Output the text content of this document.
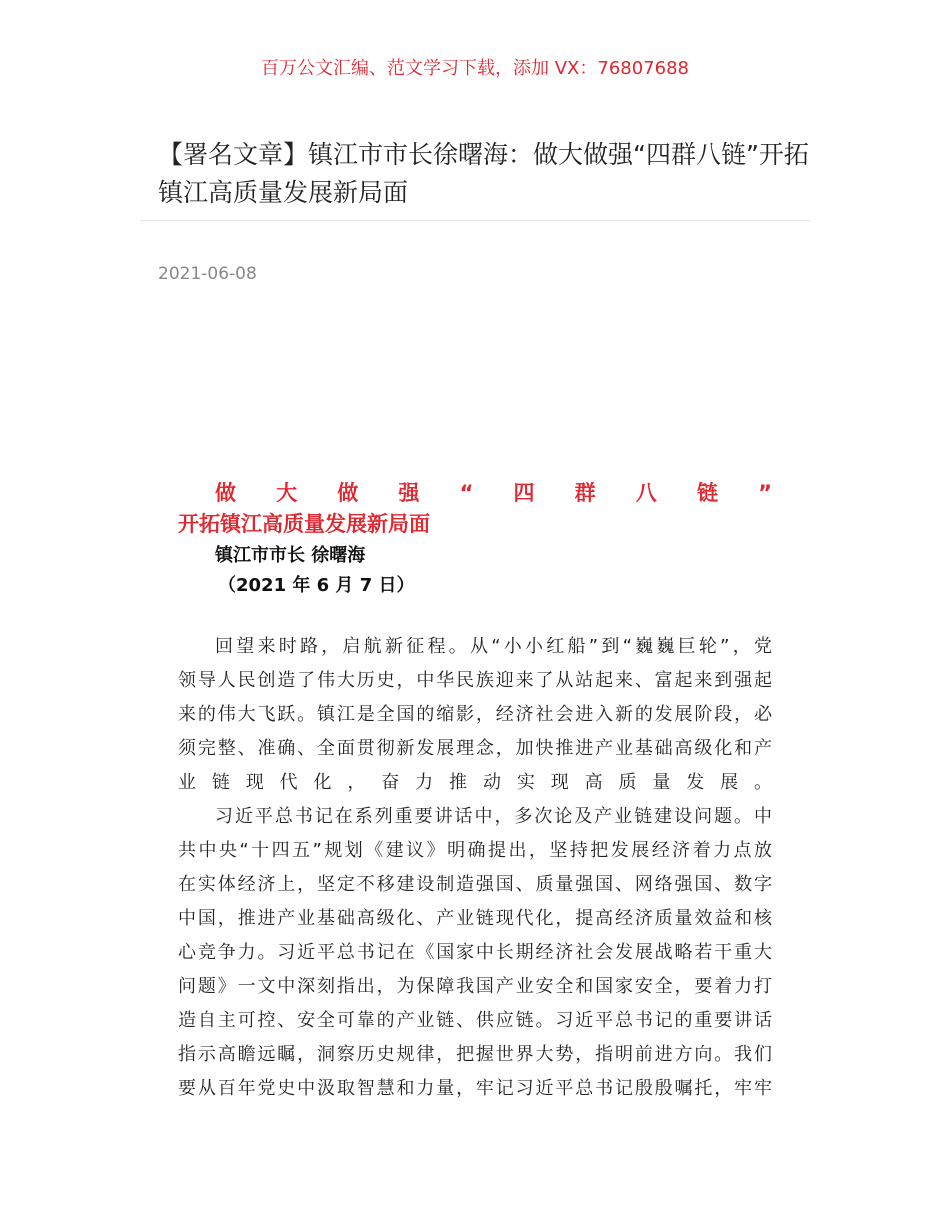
百万公文汇编、范文学习下载，添加 VX：76807688
【署名文章】镇江市市长徐曙海：做大做强“四群八链”开拓镇江高质量发展新局面
2021-06-08
做 大 做 强 “ 四 群 八 链 ”
开拓镇江高质量发展新局面
镇江市市长 徐曙海
（2021 年 6 月 7 日）
回望来时路，启航新征程。从“小小红船”到“巍巍巨轮”，党
领导人民创造了伟大历史，中华民族迎来了从站起来、富起来到强起
来的伟大飞跃。镇江是全国的缩影，经济社会进入新的发展阶段，必
须完整、准确、全面贯彻新发展理念，加快推进产业基础高级化和产
业链现代化，奋力推动实现高质量发展。
习近平总书记在系列重要讲话中，多次论及产业链建设问题。中
共中央“十四五”规划《建议》明确提出，坚持把发展经济着力点放
在实体经济上，坚定不移建设制造强国、质量强国、网络强国、数字
中国，推进产业基础高级化、产业链现代化，提高经济质量效益和核
心竞争力。习近平总书记在《国家中长期经济社会发展战略若干重大
问题》一文中深刻指出，为保障我国产业安全和国家安全，要着力打
造自主可控、安全可靠的产业链、供应链。习近平总书记的重要讲话
指示高瞻远瞩，洞察历史规律，把握世界大势，指明前进方向。我们
要从百年党史中汲取智慧和力量，牢记习近平总书记殷殷嘱托，牢牢
